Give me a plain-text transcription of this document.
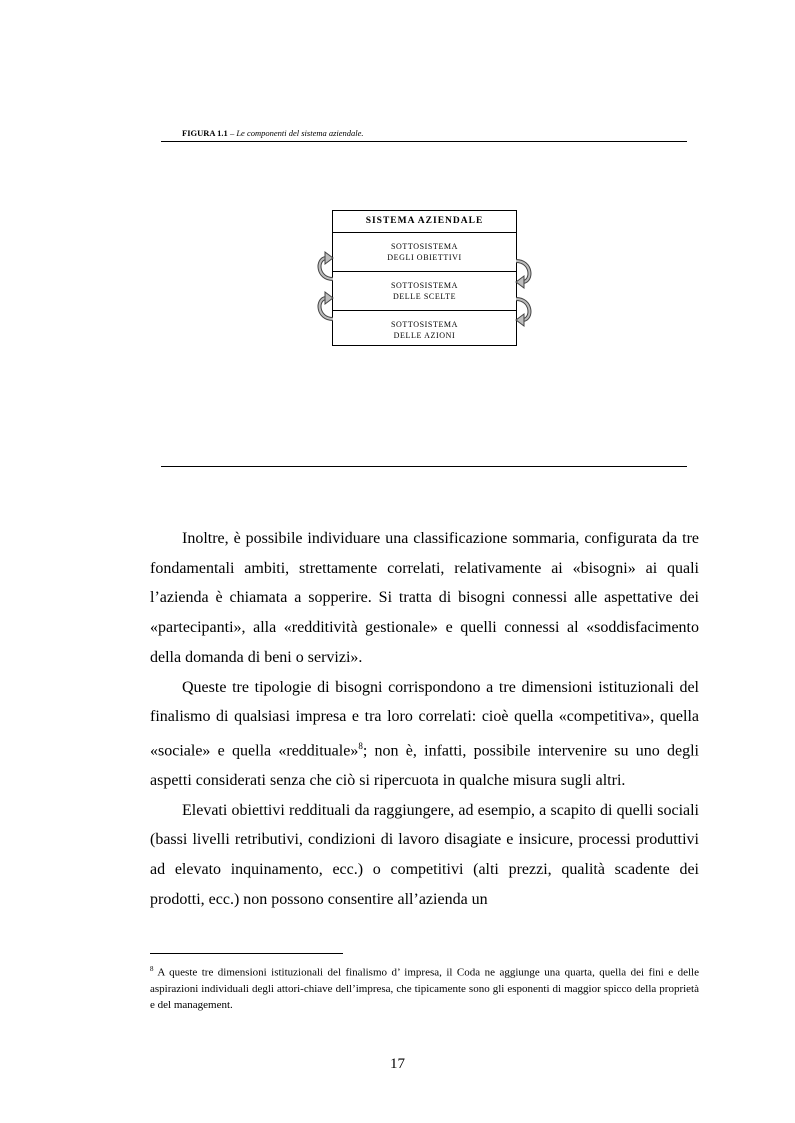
FIGURA 1.1 – Le componenti del sistema aziendale.
SISTEMA AZIENDALE
SOTTOSISTEMA
DEGLI OBIETTIVI
SOTTOSISTEMA
DELLE SCELTE
SOTTOSISTEMA
DELLE AZIONI

Inoltre, è possibile individuare una classificazione sommaria, configurata da tre fondamentali ambiti, strettamente correlati, relativamente ai «bisogni» ai quali l’azienda è chiamata a sopperire. Si tratta di bisogni connessi alle aspettative dei «partecipanti», alla «redditività gestionale» e quelli connessi al «soddisfacimento della domanda di beni o servizi».

Queste tre tipologie di bisogni corrispondono a tre dimensioni istituzionali del finalismo di qualsiasi impresa e tra loro correlati: cioè quella «competitiva», quella «sociale» e quella «reddituale»$^8$; non è, infatti, possibile intervenire su uno degli aspetti considerati senza che ciò si ripercuota in qualche misura sugli altri.

Elevati obiettivi reddituali da raggiungere, ad esempio, a scapito di quelli sociali (bassi livelli retributivi, condizioni di lavoro disagiate e insicure, processi produttivi ad elevato inquinamento, ecc.) o competitivi (alti prezzi, qualità scadente dei prodotti, ecc.) non possono consentire all’azienda un

$^8$ A queste tre dimensioni istituzionali del finalismo d’ impresa, il Coda ne aggiunge una quarta, quella dei fini e delle aspirazioni individuali degli attori-chiave dell’impresa, che tipicamente sono gli esponenti di maggior spicco della proprietà e del management.
17
